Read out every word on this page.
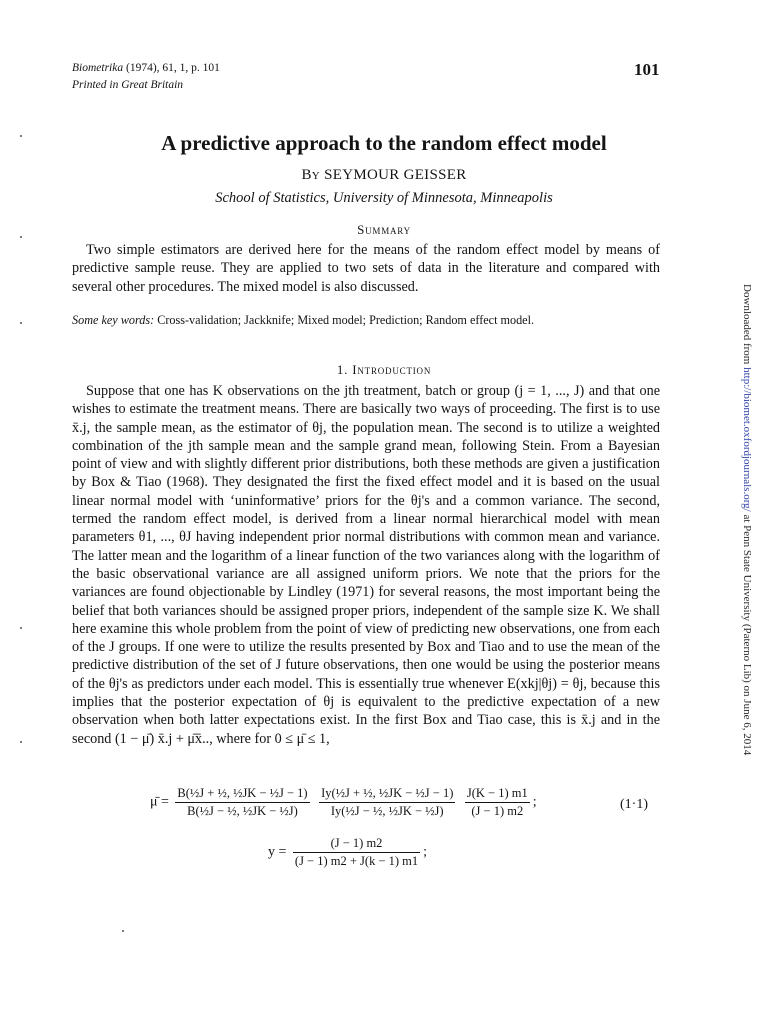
Biometrika (1974), 61, 1, p. 101
Printed in Great Britain
101
A predictive approach to the random effect model
By SEYMOUR GEISSER
School of Statistics, University of Minnesota, Minneapolis
Summary
Two simple estimators are derived here for the means of the random effect model by means of predictive sample reuse. They are applied to two sets of data in the literature and compared with several other procedures. The mixed model is also discussed.
Some key words: Cross-validation; Jackknife; Mixed model; Prediction; Random effect model.
1. Introduction
Suppose that one has K observations on the jth treatment, batch or group (j = 1, ..., J) and that one wishes to estimate the treatment means. There are basically two ways of proceeding. The first is to use x̄.j, the sample mean, as the estimator of θj, the population mean. The second is to utilize a weighted combination of the jth sample mean and the sample grand mean, following Stein. From a Bayesian point of view and with slightly different prior distributions, both these methods are given a justification by Box & Tiao (1968). They designated the first the fixed effect model and it is based on the usual linear normal model with ‘uninformative’ priors for the θj's and a common variance. The second, termed the random effect model, is derived from a linear normal hierarchical model with mean parameters θ1, ..., θJ having independent prior normal distributions with common mean and variance. The latter mean and the logarithm of a linear function of the two variances along with the logarithm of the basic observational variance are all assigned uniform priors. We note that the priors for the variances are found objectionable by Lindley (1971) for several reasons, the most important being the belief that both variances should be assigned proper priors, independent of the sample size K. We shall here examine this whole problem from the point of view of predicting new observations, one from each of the J groups. If one were to utilize the results presented by Box and Tiao and to use the mean of the predictive distribution of the set of J future observations, then one would be using the posterior means of the θj's as predictors under each model. This is essentially true whenever E(xkj|θj) = θj, because this implies that the posterior expectation of θj is equivalent to the predictive expectation of a new observation when both latter expectations exist. In the first Box and Tiao case, this is x̄.j and in the second (1 − μ̄) x̄.j + μ̄x̄.., where for 0 ≤ μ̄ ≤ 1,
μ̄ = $\frac{\text{B(½J + ½, ½JK − ½J − 1)}}{\text{B(½J − ½, ½JK − ½J)}}$
$\frac{\text{Iy(½J + ½, ½JK − ½J − 1)}}{\text{Iy(½J − ½, ½JK − ½J)}}$
$\frac{J(K - 1) m1}{(J - 1) m2}$ ;	(1·1)
$y = \frac{(J - 1) m2}{(J - 1) m2 + J(k - 1) m1}$ ;
Downloaded from http://biomet.oxfordjournals.org/ at Penn State University (Paterno Lib) on June 6, 2014
